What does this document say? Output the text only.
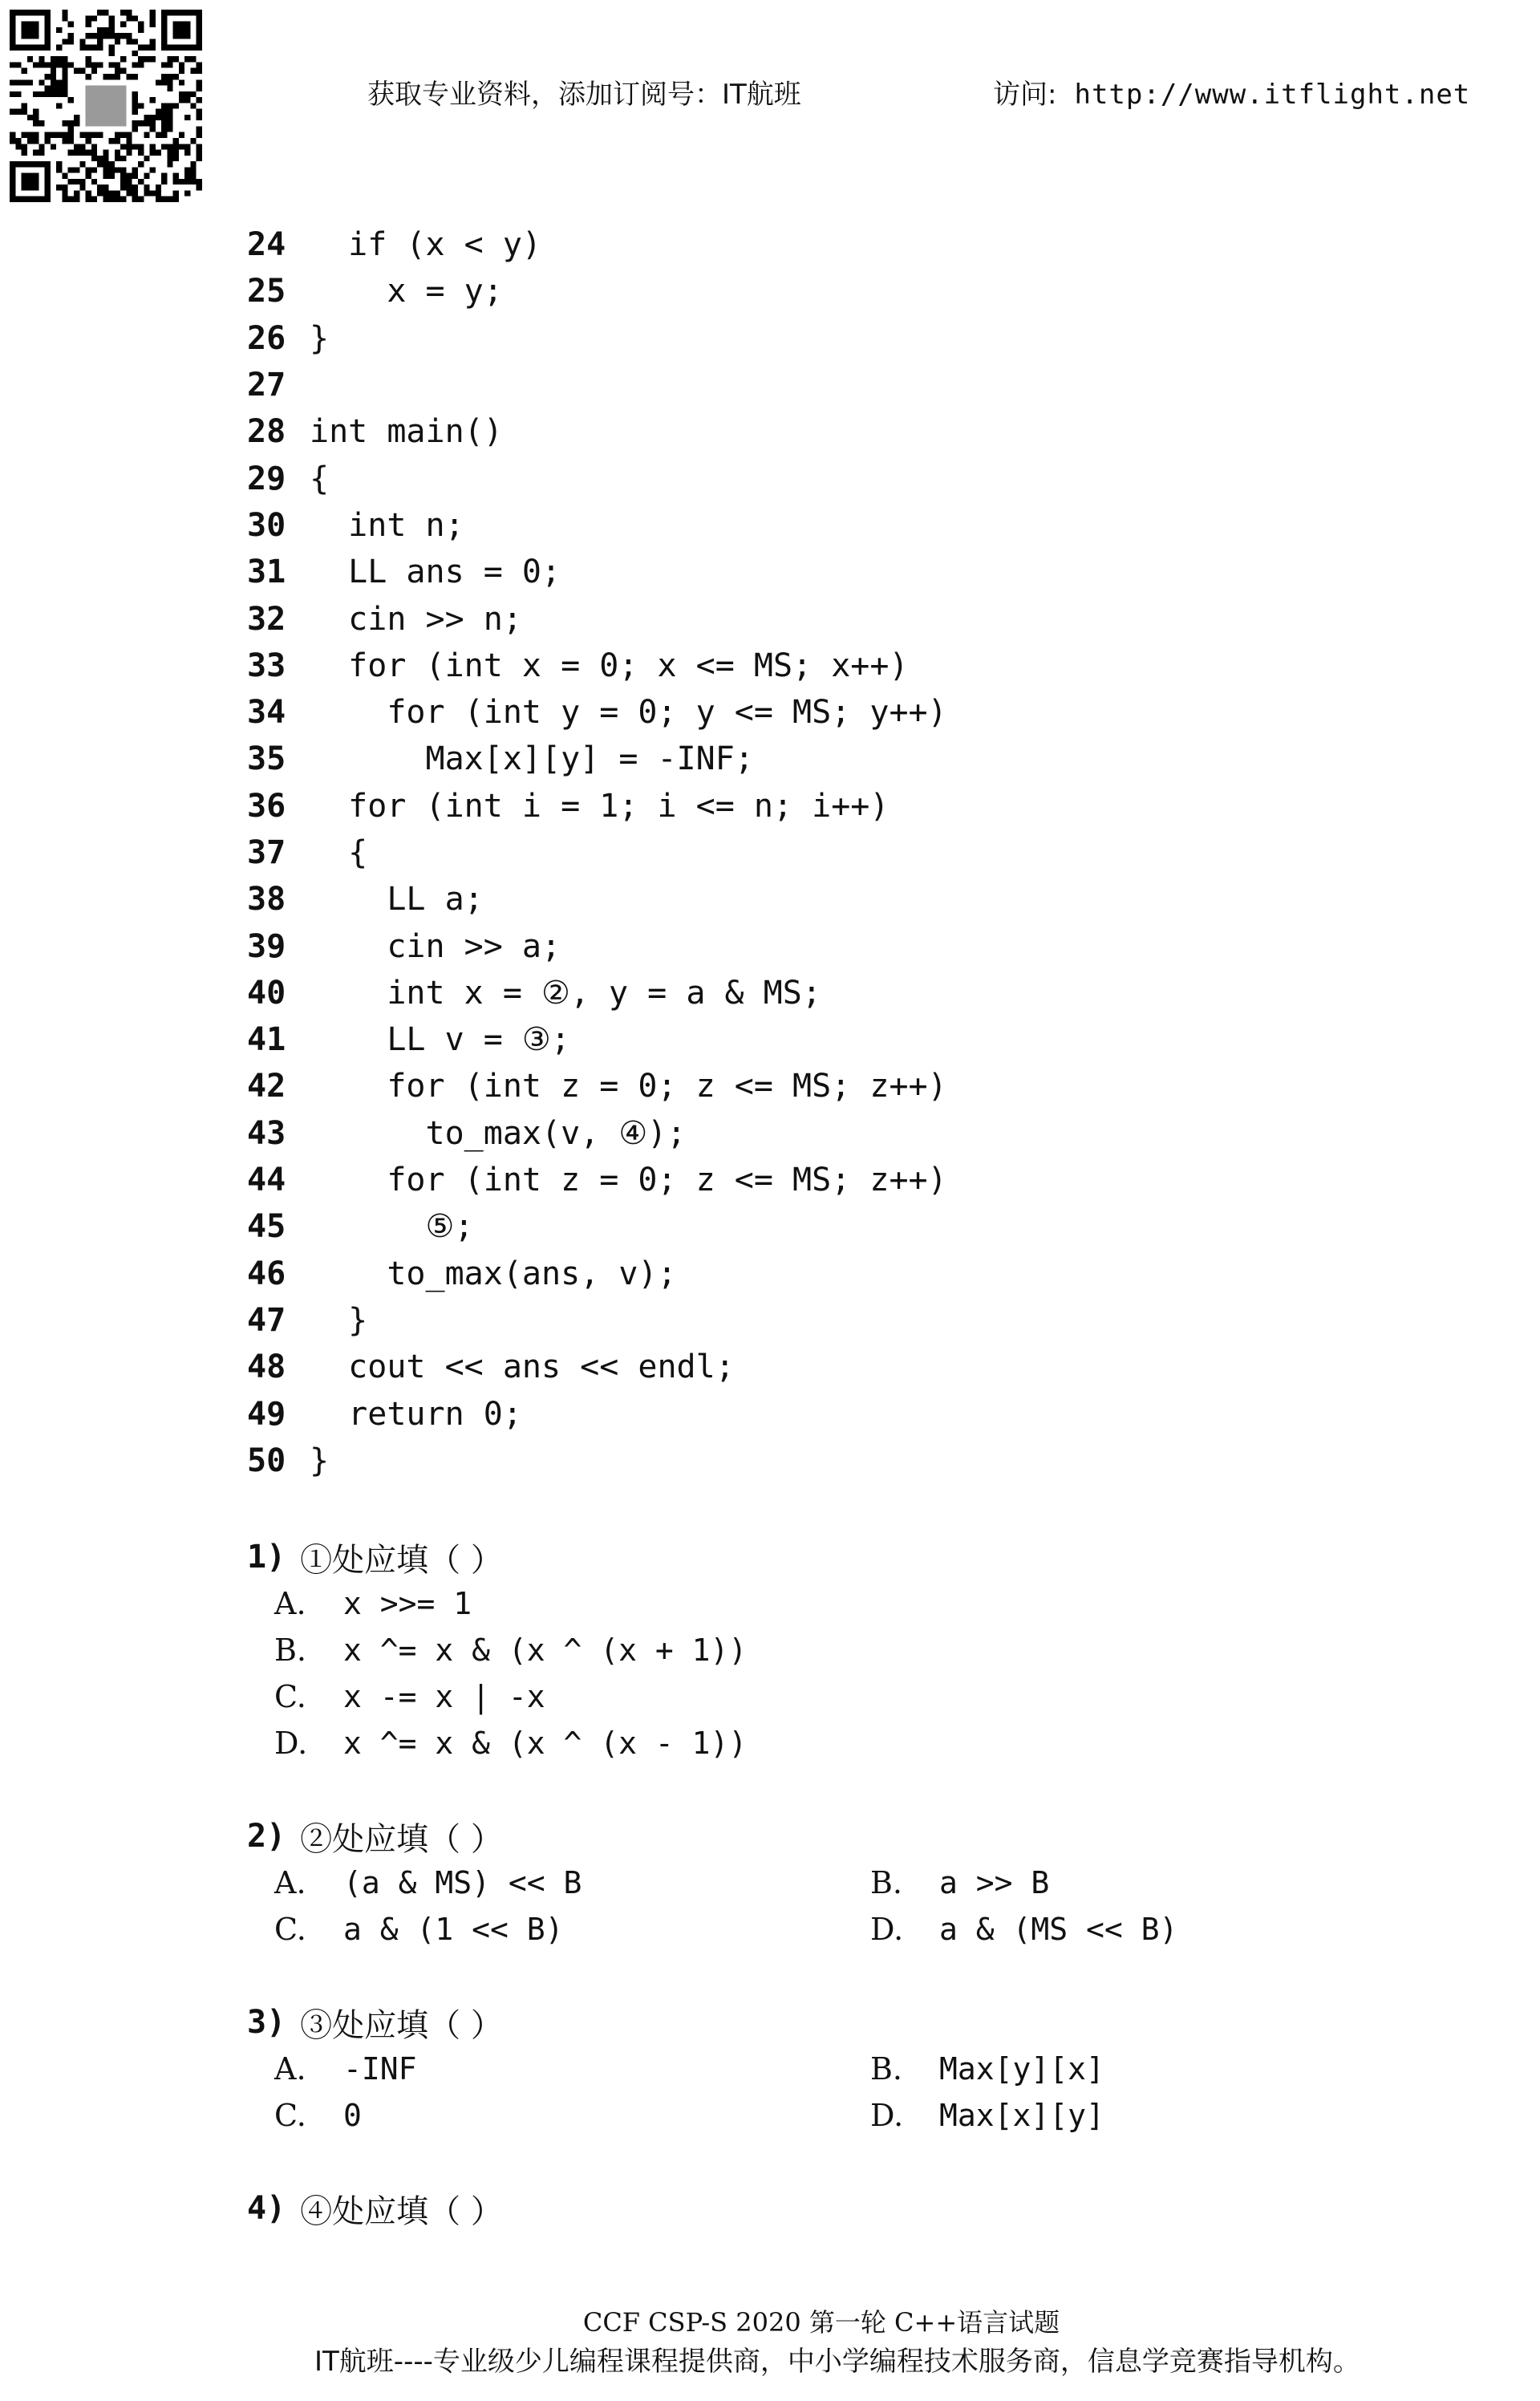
获取专业资料，添加订阅号：IT航班	访问: http://www.itflight.net
24 if (x < y)
25 x = y;
26 }
27
28 int main()
29 {
30 int n;
31 LL ans = 0;
32 cin >> n;
33 for (int x = 0; x <= MS; x++)
34 for (int y = 0; y <= MS; y++)
35 Max[x][y] = -INF;
36 for (int i = 1; i <= n; i++)
37 {
38 LL a;
39 cin >> a;
40 int x = ②, y = a & MS;
41 LL v = ③;
42 for (int z = 0; z <= MS; z++)
43 to_max(v, ④);
44 for (int z = 0; z <= MS; z++)
45 ⑤;
46 to_max(ans, v);
47 }
48 cout << ans << endl;
49 return 0;
50 }
1) ①处应填（ ）
A.	x >>= 1
B.	x ^= x & (x ^ (x + 1))
C.	x -= x | -x
D.	x ^= x & (x ^ (x - 1))
2) ②处应填（ ）
A.	(a & MS) << B	B.	a >> B
C.	a & (1 << B)	D.	a & (MS << B)
3) ③处应填（ ）
A.	-INF	B.	Max[y][x]
C.	0	D.	Max[x][y]
4) ④处应填（ ）
CCF CSP-S 2020 第一轮 C++语言试题
IT航班----专业级少儿编程课程提供商，中小学编程技术服务商，信息学竞赛指导机构。
